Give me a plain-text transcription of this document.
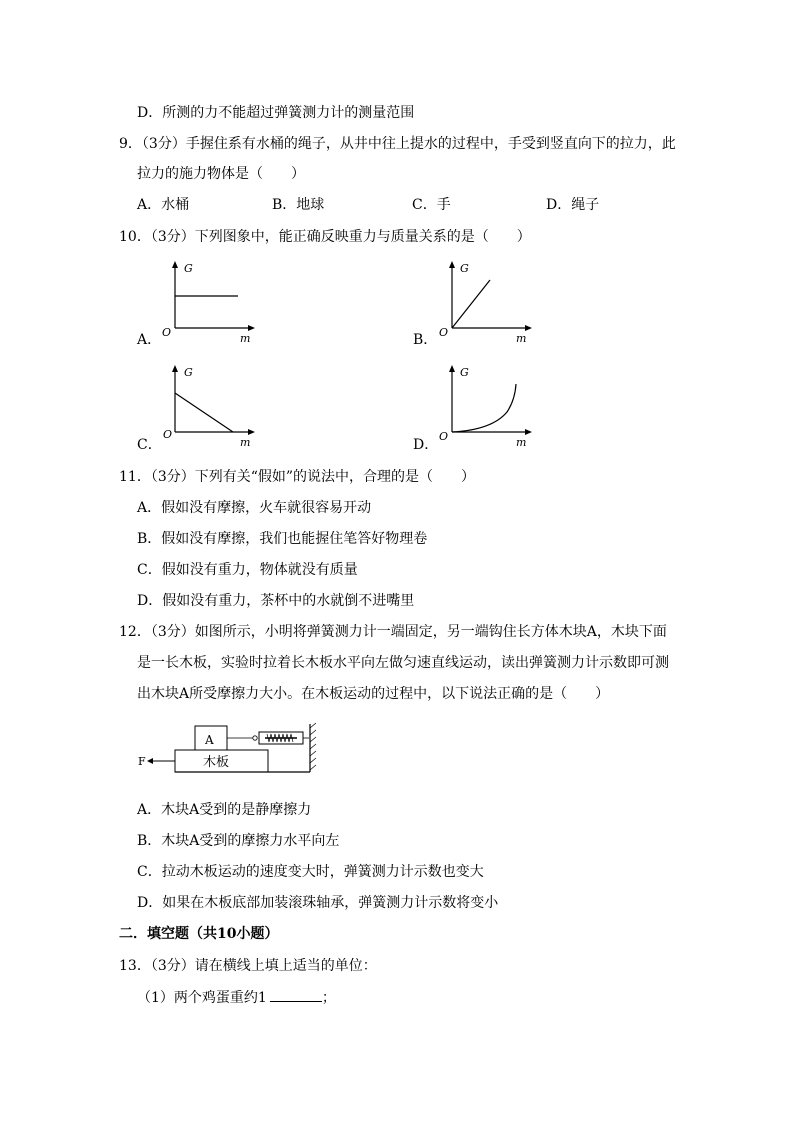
D．所测的力不能超过弹簧测力计的测量范围
9．（3分）手握住系有水桶的绳子，从井中往上提水的过程中，手受到竖直向下的拉力，此
拉力的施力物体是（　　）
A．水桶	B．地球	C．手	D．绳子
10．（3分）下列图象中，能正确反映重力与质量关系的是（　　）
A．
G
O	m	B．
G
O	m
C．
G
O
m	D．
G
O	m
11．（3分）下列有关“假如”的说法中，合理的是（　　）
A．假如没有摩擦，火车就很容易开动
B．假如没有摩擦，我们也能握住笔答好物理卷
C．假如没有重力，物体就没有质量
D．假如没有重力，茶杯中的水就倒不进嘴里
12．（3分）如图所示，小明将弹簧测力计一端固定，另一端钩住长方体木块A，木块下面
是一长木板，实验时拉着长木板水平向左做匀速直线运动，读出弹簧测力计示数即可测
出木块A所受摩擦力大小。在木板运动的过程中，以下说法正确的是（　　）
A
木板
F
A．木块A受到的是静摩擦力
B．木块A受到的摩擦力水平向左
C．拉动木板运动的速度变大时，弹簧测力计示数也变大
D．如果在木板底部加装滚珠轴承，弹簧测力计示数将变小
二．填空题（共10小题）
13．（3分）请在横线上填上适当的单位：
（1）两个鸡蛋重约1	；
